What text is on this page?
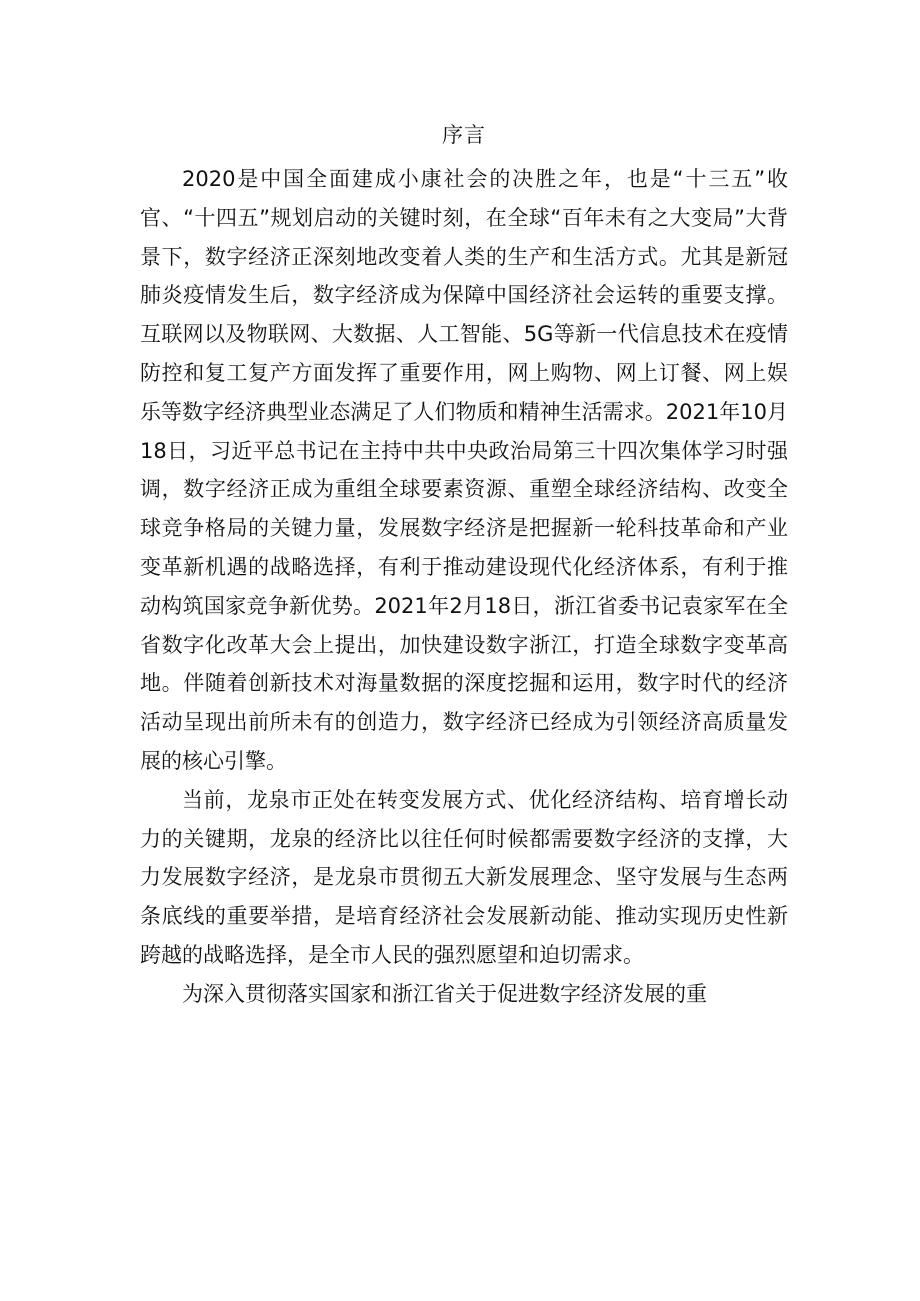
序言

2020是中国全面建成小康社会的决胜之年，也是“十三五”收官、“十四五”规划启动的关键时刻，在全球“百年未有之大变局”大背景下，数字经济正深刻地改变着人类的生产和生活方式。尤其是新冠肺炎疫情发生后，数字经济成为保障中国经济社会运转的重要支撑。互联网以及物联网、大数据、人工智能、5G等新一代信息技术在疫情防控和复工复产方面发挥了重要作用，网上购物、网上订餐、网上娱乐等数字经济典型业态满足了人们物质和精神生活需求。2021年10月18日，习近平总书记在主持中共中央政治局第三十四次集体学习时强调，数字经济正成为重组全球要素资源、重塑全球经济结构、改变全球竞争格局的关键力量，发展数字经济是把握新一轮科技革命和产业变革新机遇的战略选择，有利于推动建设现代化经济体系，有利于推动构筑国家竞争新优势。2021年2月18日，浙江省委书记袁家军在全省数字化改革大会上提出，加快建设数字浙江，打造全球数字变革高地。伴随着创新技术对海量数据的深度挖掘和运用，数字时代的经济活动呈现出前所未有的创造力，数字经济已经成为引领经济高质量发展的核心引擎。

当前，龙泉市正处在转变发展方式、优化经济结构、培育增长动力的关键期，龙泉的经济比以往任何时候都需要数字经济的支撑，大力发展数字经济，是龙泉市贯彻五大新发展理念、坚守发展与生态两条底线的重要举措，是培育经济社会发展新动能、推动实现历史性新跨越的战略选择，是全市人民的强烈愿望和迫切需求。

为深入贯彻落实国家和浙江省关于促进数字经济发展的重
